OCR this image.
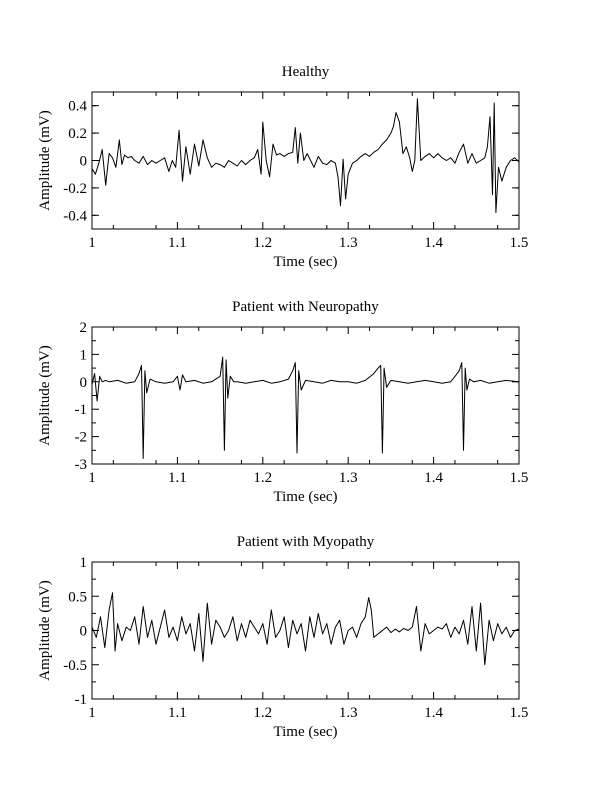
Healthy
1	1.1	1.2	1.3	1.4	1.5
0.4
0.2
0
-0.2
-0.4
Time (sec)
Amplitude (mV)
Patient with Neuropathy
1	1.1	1.2	1.3	1.4	1.5
2
1
0
-1
-2
-3
Time (sec)
Amplitude (mV)
Patient with Myopathy
1	1.1	1.2	1.3	1.4	1.5
1
0.5
0
-0.5
-1
Time (sec)
Amplitude (mV)
